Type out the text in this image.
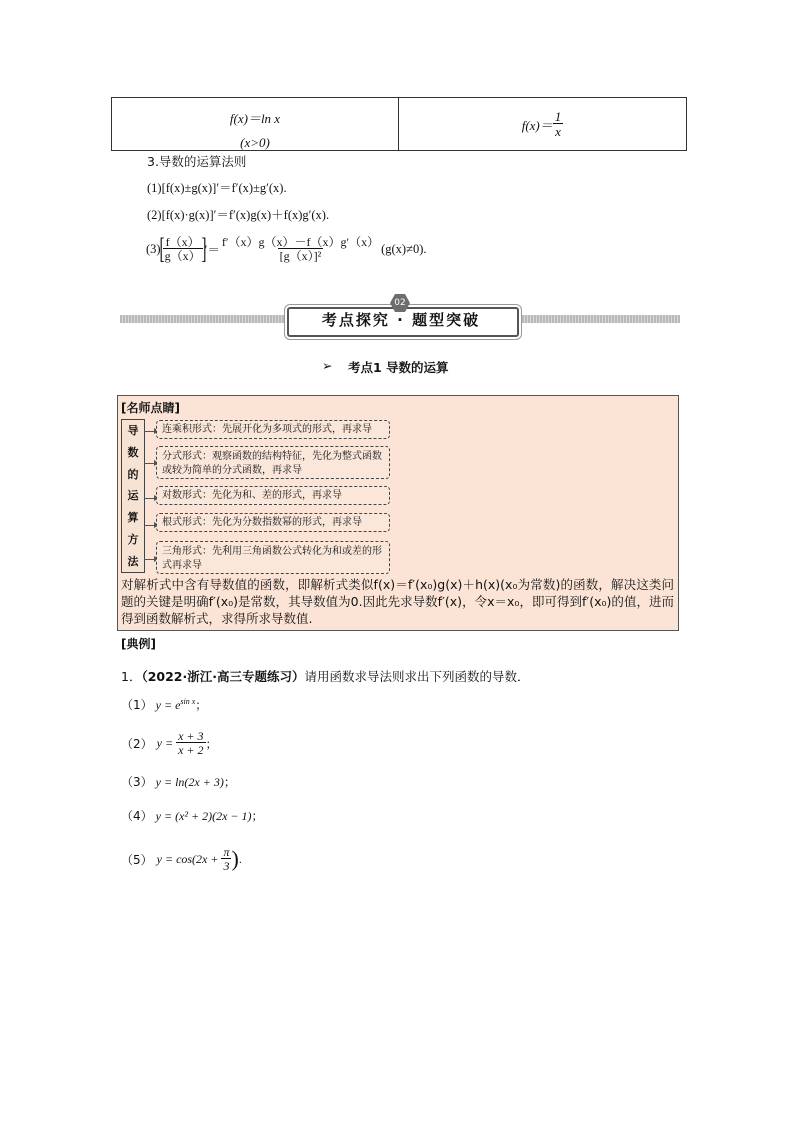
f(x)＝ln x
(x>0)
$f(x)= \frac{1}{x}$
3.导数的运算法则
(1)[f(x)±g(x)]′＝f′(x)±g′(x).
(2)[f(x)·g(x)]′＝f′(x)g(x)＋f(x)g′(x).
(3)
[
$\frac{f(x)}{g(x)}$
]
′＝ $\frac{f'(x)g(x)-f(x)g'(x)}{\text{[g（x）]²}} (g(x)\ne 0)$.
考点探究 · 题型突破
02
➢ 考点1 导数的运算
[名师点睛]
导
数
的
运
算
方
法
连乘积形式：先展开化为多项式的形式，再求导
分式形式：观察函数的结构特征，先化为整式函数或较为简单的分式函数，再求导
对数形式：先化为和、差的形式，再求导
根式形式：先化为分数指数幂的形式，再求导
三角形式：先利用三角函数公式转化为和或差的形式再求导
对解析式中含有导数值的函数，即解析式类似f(x)＝f′(x₀)g(x)＋h(x)(x₀为常数)的函数，解决这类问题的关键是明确f′(x₀)是常数，其导数值为0.因此先求导数f′(x)，令x＝x₀，即可得到f′(x₀)的值，进而得到函数解析式，求得所求导数值.
[典例]
1．（2022·浙江·高三专题练习）请用函数求导法则求出下列函数的导数．
（1） $y = e^{sin x}$；
（2） $y = \frac{x + 3}{x + 2}$ ；
（3） y = ln(2x + 3)；
（4） y = (x² + 2)(2x − 1)；
（5） $y = \cos(2x + \frac{\pi}{3}$ ) .
